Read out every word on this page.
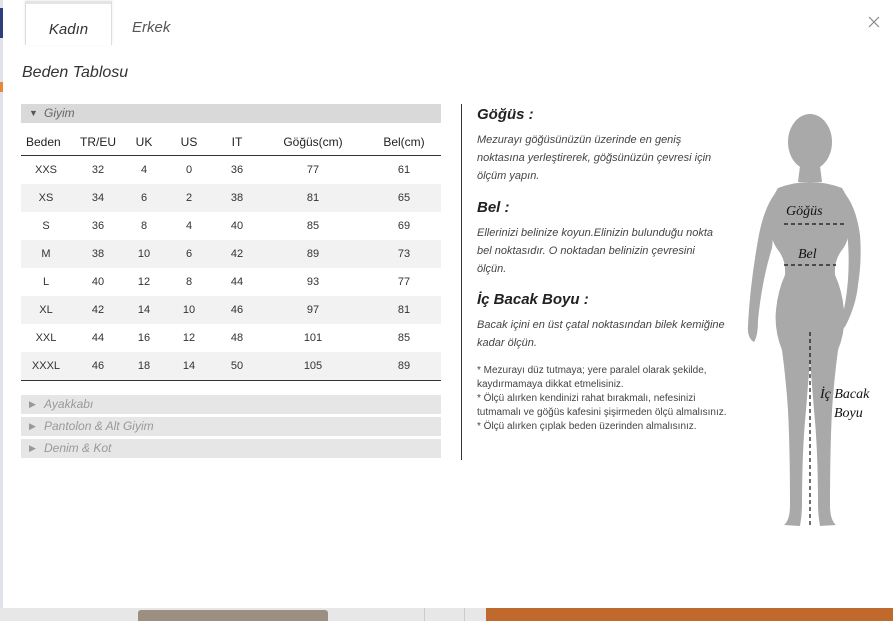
Kadın	Erkek
Beden Tablosu
▼ Giyim
Beden	TR/EU	UK	US	IT	Göğüs(cm)	Bel(cm)
XXS	32	4	0	36	77	61
XS	34	6	2	38	81	65
S	36	8	4	40	85	69
M	38	10	6	42	89	73
L	40	12	8	44	93	77
XL	42	14	10	46	97	81
XXL	44	16	12	48	101	85
XXXL	46	18	14	50	105	89
▶ Ayakkabı
▶ Pantolon & Alt Giyim
▶ Denim & Kot
Göğüs :

Mezurayı göğüsünüzün üzerinde en geniş noktasına yerleştirerek, göğsünüzün çevresi için ölçüm yapın.

Bel :

Ellerinizi belinize koyun.Elinizin bulunduğu nokta bel noktasıdır. O noktadan belinizin çevresini ölçün.

İç Bacak Boyu :

Bacak içini en üst çatal noktasından bilek kemiğine kadar ölçün.

* Mezurayı düz tutmaya; yere paralel olarak şekilde, kaydırmamaya dikkat etmelisiniz.
* Ölçü alırken kendinizi rahat bırakmalı, nefesinizi tutmamalı ve göğüs kafesini şişirmeden ölçü almalısınız.
* Ölçü alırken çıplak beden üzerinden almalısınız.
Göğüs
Bel
İç Bacak
Boyu
